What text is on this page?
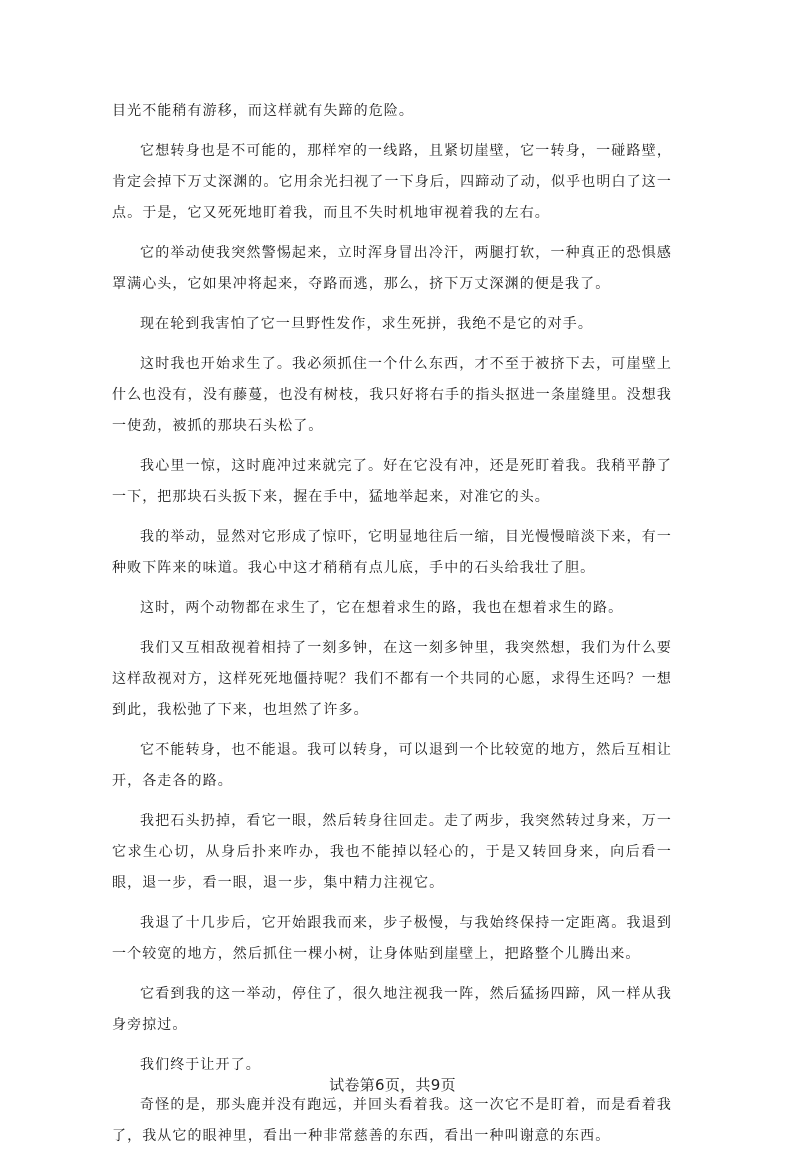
目光不能稍有游移，而这样就有失蹄的危险。

它想转身也是不可能的，那样窄的一线路，且紧切崖壁，它一转身，一碰路壁，肯定会掉下万丈深渊的。它用余光扫视了一下身后，四蹄动了动，似乎也明白了这一点。于是，它又死死地盯着我，而且不失时机地审视着我的左右。

它的举动使我突然警惕起来，立时浑身冒出冷汗，两腿打软，一种真正的恐惧感罩满心头，它如果冲将起来，夺路而逃，那么，挤下万丈深渊的便是我了。

现在轮到我害怕了它一旦野性发作，求生死拼，我绝不是它的对手。

这时我也开始求生了。我必须抓住一个什么东西，才不至于被挤下去，可崖壁上什么也没有，没有藤蔓，也没有树枝，我只好将右手的指头抠进一条崖缝里。没想我一使劲，被抓的那块石头松了。

我心里一惊，这时鹿冲过来就完了。好在它没有冲，还是死盯着我。我稍平静了一下，把那块石头扳下来，握在手中，猛地举起来，对准它的头。

我的举动，显然对它形成了惊吓，它明显地往后一缩，目光慢慢暗淡下来，有一种败下阵来的味道。我心中这才稍稍有点儿底，手中的石头给我壮了胆。

这时，两个动物都在求生了，它在想着求生的路，我也在想着求生的路。

我们又互相敌视着相持了一刻多钟，在这一刻多钟里，我突然想，我们为什么要这样敌视对方，这样死死地僵持呢？我们不都有一个共同的心愿，求得生还吗？一想到此，我松弛了下来，也坦然了许多。

它不能转身，也不能退。我可以转身，可以退到一个比较宽的地方，然后互相让开，各走各的路。

我把石头扔掉，看它一眼，然后转身往回走。走了两步，我突然转过身来，万一它求生心切，从身后扑来咋办，我也不能掉以轻心的，于是又转回身来，向后看一眼，退一步，看一眼，退一步，集中精力注视它。

我退了十几步后，它开始跟我而来，步子极慢，与我始终保持一定距离。我退到一个较宽的地方，然后抓住一棵小树，让身体贴到崖壁上，把路整个儿腾出来。

它看到我的这一举动，停住了，很久地注视我一阵，然后猛扬四蹄，风一样从我身旁掠过。

我们终于让开了。

奇怪的是，那头鹿并没有跑远，并回头看着我。这一次它不是盯着，而是看着我了，我从它的眼神里，看出一种非常慈善的东西，看出一种叫谢意的东西。

试卷第6页，共9页
